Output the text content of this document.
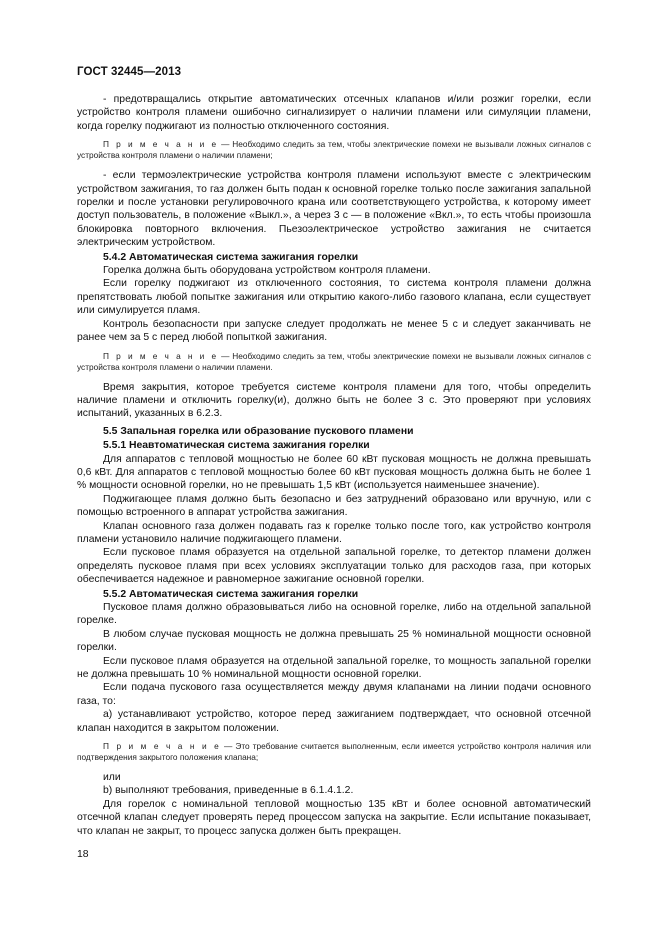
ГОСТ 32445—2013

- предотвращались открытие автоматических отсечных клапанов и/или розжиг горелки, если устройство контроля пламени ошибочно сигнализирует о наличии пламени или симуляции пламени, когда горелку поджигают из полностью отключенного состояния.

П р и м е ч а н и е — Необходимо следить за тем, чтобы электрические помехи не вызывали ложных сигналов с устройства контроля пламени о наличии пламени;

- если термоэлектрические устройства контроля пламени используют вместе с электрическим устройством зажигания, то газ должен быть подан к основной горелке только после зажигания запальной горелки и после установки регулировочного крана или соответствующего устройства, к которому имеет доступ пользователь, в положение «Выкл.», а через 3 с — в положение «Вкл.», то есть чтобы произошла блокировка повторного включения. Пьезоэлектрическое устройство зажигания не считается электрическим устройством.

5.4.2 Автоматическая система зажигания горелки

Горелка должна быть оборудована устройством контроля пламени.

Если горелку поджигают из отключенного состояния, то система контроля пламени должна препятствовать любой попытке зажигания или открытию какого-либо газового клапана, если существует или симулируется пламя.

Контроль безопасности при запуске следует продолжать не менее 5 с и следует заканчивать не ранее чем за 5 с перед любой попыткой зажигания.

П р и м е ч а н и е — Необходимо следить за тем, чтобы электрические помехи не вызывали ложных сигналов с устройства контроля пламени о наличии пламени.

Время закрытия, которое требуется системе контроля пламени для того, чтобы определить наличие пламени и отключить горелку(и), должно быть не более 3 с. Это проверяют при условиях испытаний, указанных в 6.2.3.

5.5 Запальная горелка или образование пускового пламени

5.5.1 Неавтоматическая система зажигания горелки

Для аппаратов с тепловой мощностью не более 60 кВт пусковая мощность не должна превышать 0,6 кВт. Для аппаратов с тепловой мощностью более 60 кВт пусковая мощность должна быть не более 1 % мощности основной горелки, но не превышать 1,5 кВт (используется наименьшее значение).

Поджигающее пламя должно быть безопасно и без затруднений образовано или вручную, или с помощью встроенного в аппарат устройства зажигания.

Клапан основного газа должен подавать газ к горелке только после того, как устройство контроля пламени установило наличие поджигающего пламени.

Если пусковое пламя образуется на отдельной запальной горелке, то детектор пламени должен определять пусковое пламя при всех условиях эксплуатации только для расходов газа, при которых обеспечивается надежное и равномерное зажигание основной горелки.

5.5.2 Автоматическая система зажигания горелки

Пусковое пламя должно образовываться либо на основной горелке, либо на отдельной запальной горелке.

В любом случае пусковая мощность не должна превышать 25 % номинальной мощности основной горелки.

Если пусковое пламя образуется на отдельной запальной горелке, то мощность запальной горелки не должна превышать 10 % номинальной мощности основной горелки.

Если подача пускового газа осуществляется между двумя клапанами на линии подачи основного газа, то:

а) устанавливают устройство, которое перед зажиганием подтверждает, что основной отсечной клапан находится в закрытом положении.

П р и м е ч а н и е — Это требование считается выполненным, если имеется устройство контроля наличия или подтверждения закрытого положения клапана;

или

b) выполняют требования, приведенные в 6.1.4.1.2.

Для горелок с номинальной тепловой мощностью 135 кВт и более основной автоматический отсечной клапан следует проверять перед процессом запуска на закрытие. Если испытание показывает, что клапан не закрыт, то процесс запуска должен быть прекращен.

18
